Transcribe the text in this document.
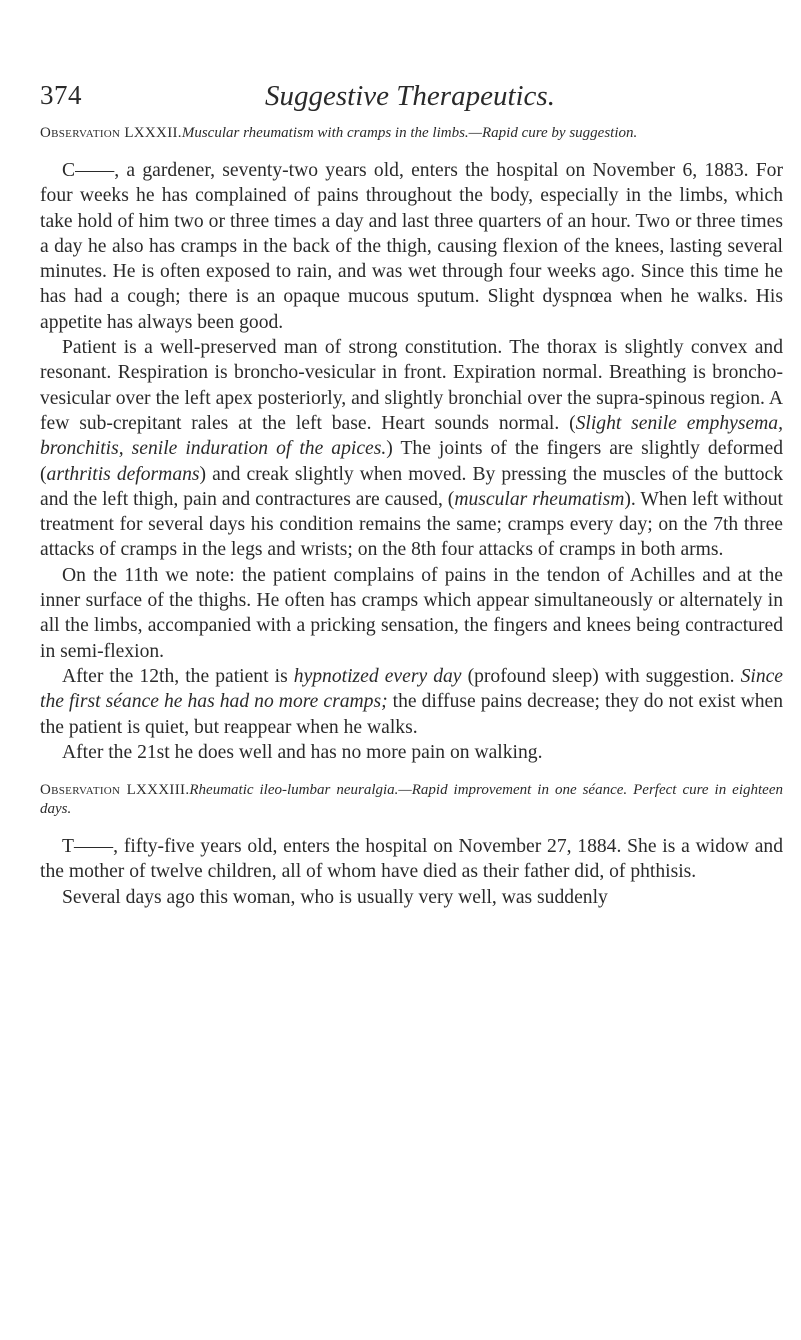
374	Suggestive Therapeutics.

Observation LXXXII.Muscular rheumatism with cramps in the limbs.—Rapid cure by suggestion.

C——, a gardener, seventy-two years old, enters the hospital on November 6, 1883. For four weeks he has complained of pains throughout the body, especially in the limbs, which take hold of him two or three times a day and last three quarters of an hour. Two or three times a day he also has cramps in the back of the thigh, causing flexion of the knees, lasting several minutes. He is often exposed to rain, and was wet through four weeks ago. Since this time he has had a cough; there is an opaque mucous sputum. Slight dyspnœa when he walks. His appetite has always been good.

Patient is a well-preserved man of strong constitution. The thorax is slightly convex and resonant. Respiration is broncho-vesicular in front. Expiration normal. Breathing is broncho-vesicular over the left apex posteriorly, and slightly bronchial over the supra-spinous region. A few sub-crepitant rales at the left base. Heart sounds normal. (Slight senile emphysema, bronchitis, senile induration of the apices.) The joints of the fingers are slightly deformed (arthritis deformans) and creak slightly when moved. By pressing the muscles of the buttock and the left thigh, pain and contractures are caused, (muscular rheumatism). When left without treatment for several days his condition remains the same; cramps every day; on the 7th three attacks of cramps in the legs and wrists; on the 8th four attacks of cramps in both arms.

On the 11th we note: the patient complains of pains in the tendon of Achilles and at the inner surface of the thighs. He often has cramps which appear simultaneously or alternately in all the limbs, accompanied with a pricking sensation, the fingers and knees being contractured in semi-flexion.

After the 12th, the patient is hypnotized every day (profound sleep) with suggestion. Since the first séance he has had no more cramps; the diffuse pains decrease; they do not exist when the patient is quiet, but reappear when he walks.

After the 21st he does well and has no more pain on walking.

Observation LXXXIII.Rheumatic ileo-lumbar neuralgia.—Rapid improvement in one séance. Perfect cure in eighteen days.

T——, fifty-five years old, enters the hospital on November 27, 1884. She is a widow and the mother of twelve children, all of whom have died as their father did, of phthisis.

Several days ago this woman, who is usually very well, was suddenly
